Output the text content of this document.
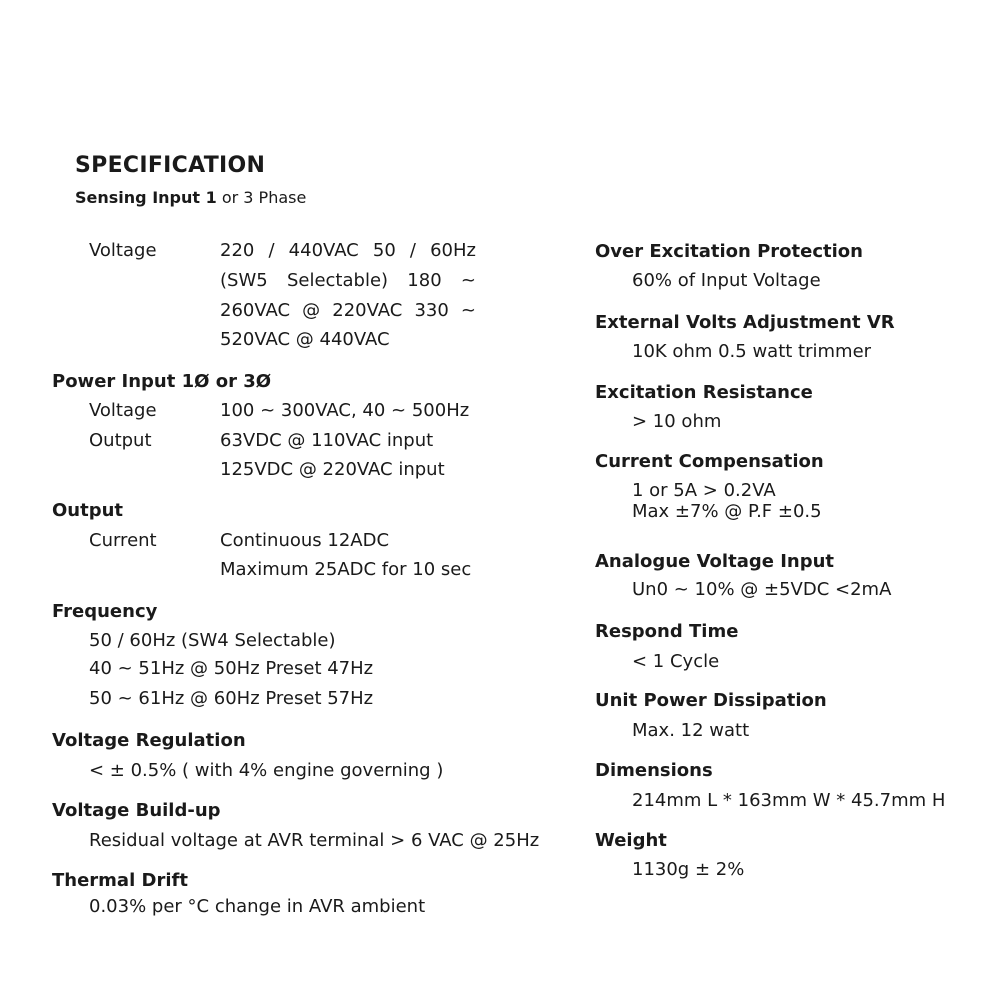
SPECIFICATION
Sensing Input 1 or 3 Phase
Voltage	220 / 440VAC 50 / 60Hz
(SW5 Selectable) 180 ~
260VAC @ 220VAC 330 ~
520VAC @ 440VAC
Power Input 1Ø or 3Ø
Voltage	100 ~ 300VAC, 40 ~ 500Hz
Output	63VDC @ 110VAC input
125VDC @ 220VAC input
Output
Current	Continuous 12ADC
Maximum 25ADC for 10 sec
Frequency
50 / 60Hz (SW4 Selectable)
40 ~ 51Hz @ 50Hz Preset 47Hz
50 ~ 61Hz @ 60Hz Preset 57Hz
Voltage Regulation
< ± 0.5% ( with 4% engine governing )
Voltage Build-up
Residual voltage at AVR terminal > 6 VAC @ 25Hz
Thermal Drift
0.03% per °C change in AVR ambient
Over Excitation Protection
60% of Input Voltage
External Volts Adjustment VR
10K ohm 0.5 watt trimmer
Excitation Resistance
> 10 ohm
Current Compensation
1 or 5A > 0.2VA
Max ±7% @ P.F ±0.5
Analogue Voltage Input
Un0 ~ 10% @ ±5VDC <2mA
Respond Time
< 1 Cycle
Unit Power Dissipation
Max. 12 watt
Dimensions
214mm L * 163mm W * 45.7mm H
Weight
1130g ± 2%
